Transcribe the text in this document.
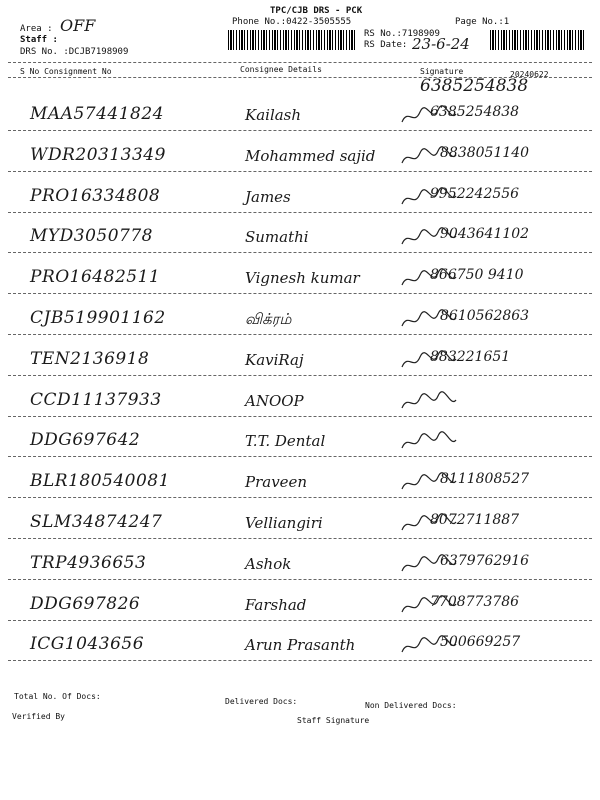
Area : OFF
Staff :
TPC/CJB DRS - PCK
Phone No.:0422-3505555	Page No.:1
RS No.:7198909
RS Date: 23-6-24
DRS No. :DCJB7198909
S No Consignment No	Consignee Details	Signature	20240622
6385254838
MAA57441824	Kailash	6385254838
WDR20313349	Mohammed sajid	8838051140
PRO16334808	James	9952242556
MYD3050778	Sumathi	9043641102
PRO16482511	Vignesh kumar	866750 9410
CJB519901162	விக்ரம்	8610562863
TEN2136918	KaviRaj	883221651
CCD11137933	ANOOP
DDG697642	T.T. Dental
BLR180540081	Praveen	8111808527
SLM34874247	Velliangiri	8072711887
TRP4936653	Ashok	6379762916
DDG697826	Farshad	7708773786
ICG1043656	Arun Prasanth	500669257
Total No. Of Docs:
Delivered Docs:	Non Delivered Docs:
Verified By	Staff Signature
